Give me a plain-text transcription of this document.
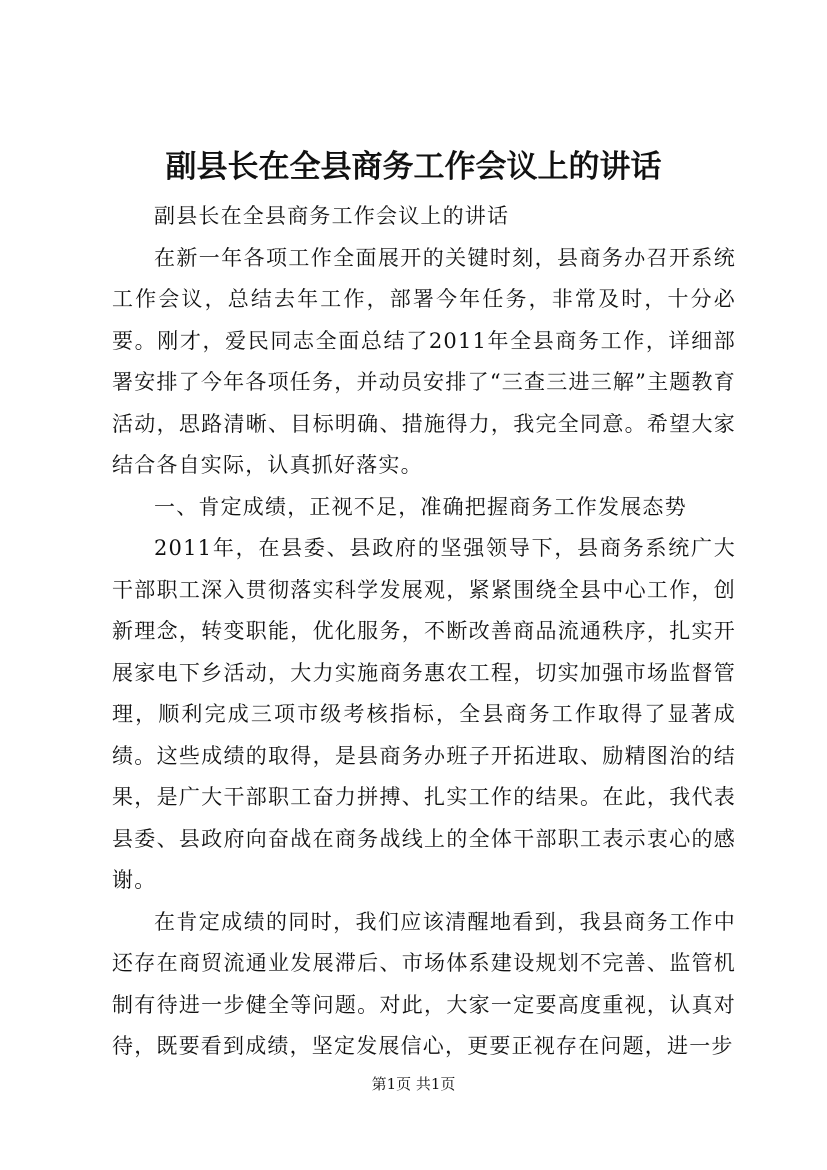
副县长在全县商务工作会议上的讲话

副县长在全县商务工作会议上的讲话

在新一年各项工作全面展开的关键时刻，县商务办召开系统工作会议，总结去年工作，部署今年任务，非常及时，十分必要。刚才，爱民同志全面总结了2011年全县商务工作，详细部署安排了今年各项任务，并动员安排了“三查三进三解”主题教育活动，思路清晰、目标明确、措施得力，我完全同意。希望大家结合各自实际，认真抓好落实。

一、肯定成绩，正视不足，准确把握商务工作发展态势

2011年，在县委、县政府的坚强领导下，县商务系统广大干部职工深入贯彻落实科学发展观，紧紧围绕全县中心工作，创新理念，转变职能，优化服务，不断改善商品流通秩序，扎实开展家电下乡活动，大力实施商务惠农工程，切实加强市场监督管理，顺利完成三项市级考核指标，全县商务工作取得了显著成绩。这些成绩的取得，是县商务办班子开拓进取、励精图治的结果，是广大干部职工奋力拼搏、扎实工作的结果。在此，我代表县委、县政府向奋战在商务战线上的全体干部职工表示衷心的感谢。

在肯定成绩的同时，我们应该清醒地看到，我县商务工作中还存在商贸流通业发展滞后、市场体系建设规划不完善、监管机制有待进一步健全等问题。对此，大家一定要高度重视，认真对待，既要看到成绩，坚定发展信心，更要正视存在问题，进一步

第1页 共1页
